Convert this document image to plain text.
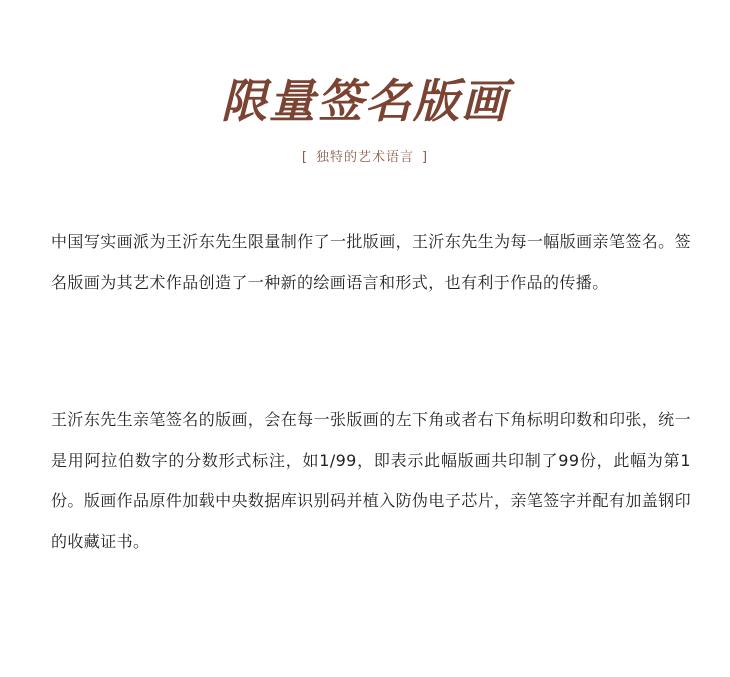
限量签名版画
[ 独特的艺术语言 ]

中国写实画派为王沂东先生限量制作了一批版画，王沂东先生为每一幅版画亲笔签名。签名版画为其艺术作品创造了一种新的绘画语言和形式，也有利于作品的传播。

王沂东先生亲笔签名的版画，会在每一张版画的左下角或者右下角标明印数和印张，统一是用阿拉伯数字的分数形式标注，如1/99，即表示此幅版画共印制了99份，此幅为第1份。版画作品原件加载中央数据库识别码并植入防伪电子芯片，亲笔签字并配有加盖钢印的收藏证书。
